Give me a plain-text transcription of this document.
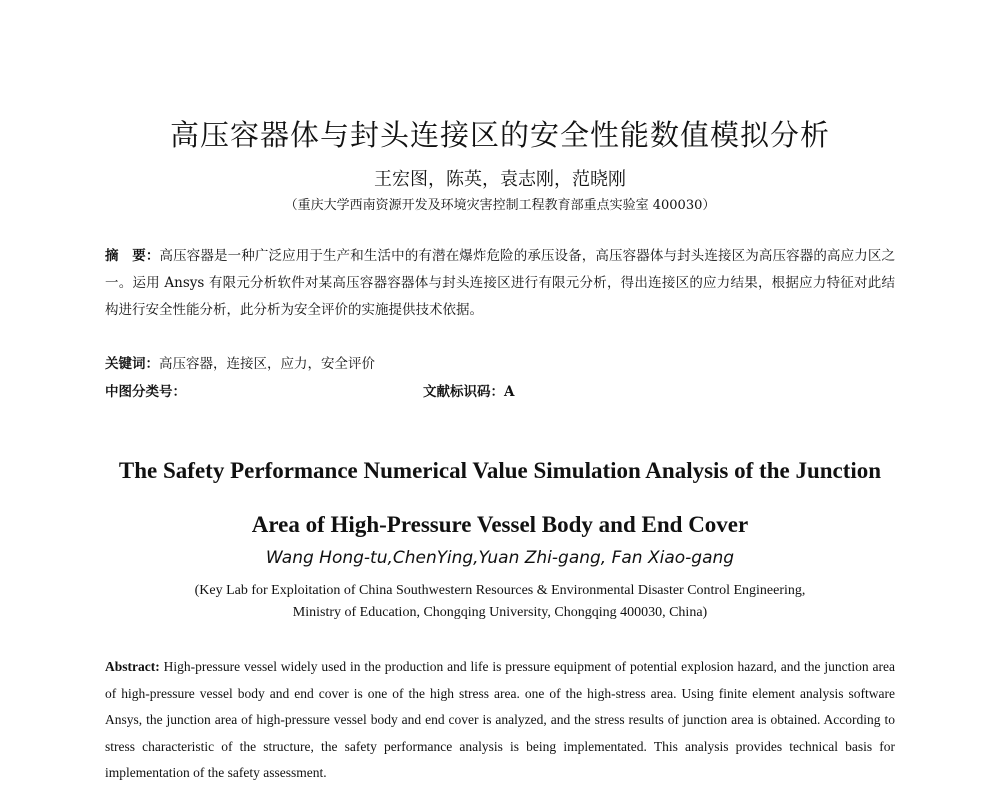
高压容器体与封头连接区的安全性能数值模拟分析
王宏图，陈英，袁志刚，范晓刚
（重庆大学西南资源开发及环境灾害控制工程教育部重点实验室 400030）
摘　要：高压容器是一种广泛应用于生产和生活中的有潜在爆炸危险的承压设备，高压容器体与封头连接区为高压容器的高应力区之一。运用 Ansys 有限元分析软件对某高压容器容器体与封头连接区进行有限元分析，得出连接区的应力结果，根据应力特征对此结构进行安全性能分析，此分析为安全评价的实施提供技术依据。
关键词：高压容器，连接区，应力，安全评价
中图分类号：	文献标识码：A
The Safety Performance Numerical Value Simulation Analysis of the Junction
Area of High-Pressure Vessel Body and End Cover
Wang Hong-tu,ChenYing,Yuan Zhi-gang, Fan Xiao-gang
(Key Lab for Exploitation of China Southwestern Resources & Environmental Disaster Control Engineering,
Ministry of Education, Chongqing University, Chongqing 400030, China)
Abstract: High-pressure vessel widely used in the production and life is pressure equipment of potential explosion hazard, and the junction area of high-pressure vessel body and end cover is one of the high stress area. one of the high-stress area. Using finite element analysis software Ansys, the junction area of high-pressure vessel body and end cover is analyzed, and the stress results of junction area is obtained. According to stress characteristic of the structure, the safety performance analysis is being implementated. This analysis provides technical basis for implementation of the safety assessment.
